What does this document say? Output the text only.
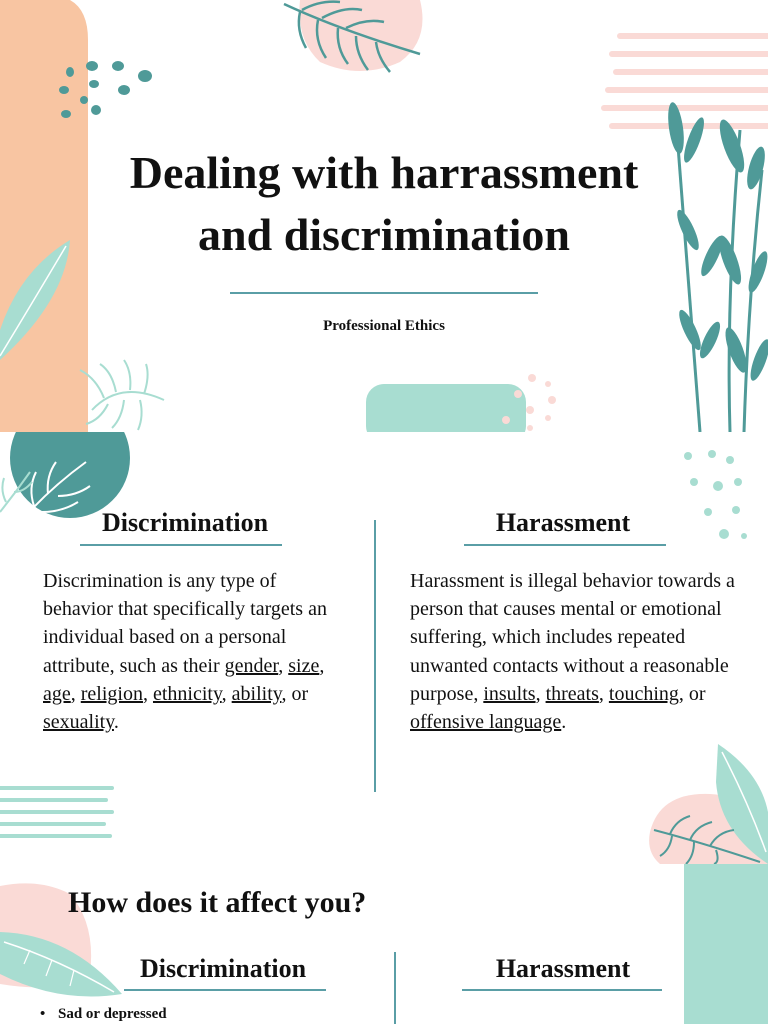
Dealing with harrassment
and discrimination
Professional Ethics
Discrimination	Harassment
Discrimination is any type of behavior that specifically targets an individual based on a personal attribute, such as their gender, size, age, religion, ethnicity, ability, or sexuality.
Harassment is illegal behavior towards a person that causes mental or emotional suffering, which includes repeated unwanted contacts without a reasonable purpose, insults, threats, touching, or offensive language.
How does it affect you?
Discrimination	Harassment
• Sad or depressed
